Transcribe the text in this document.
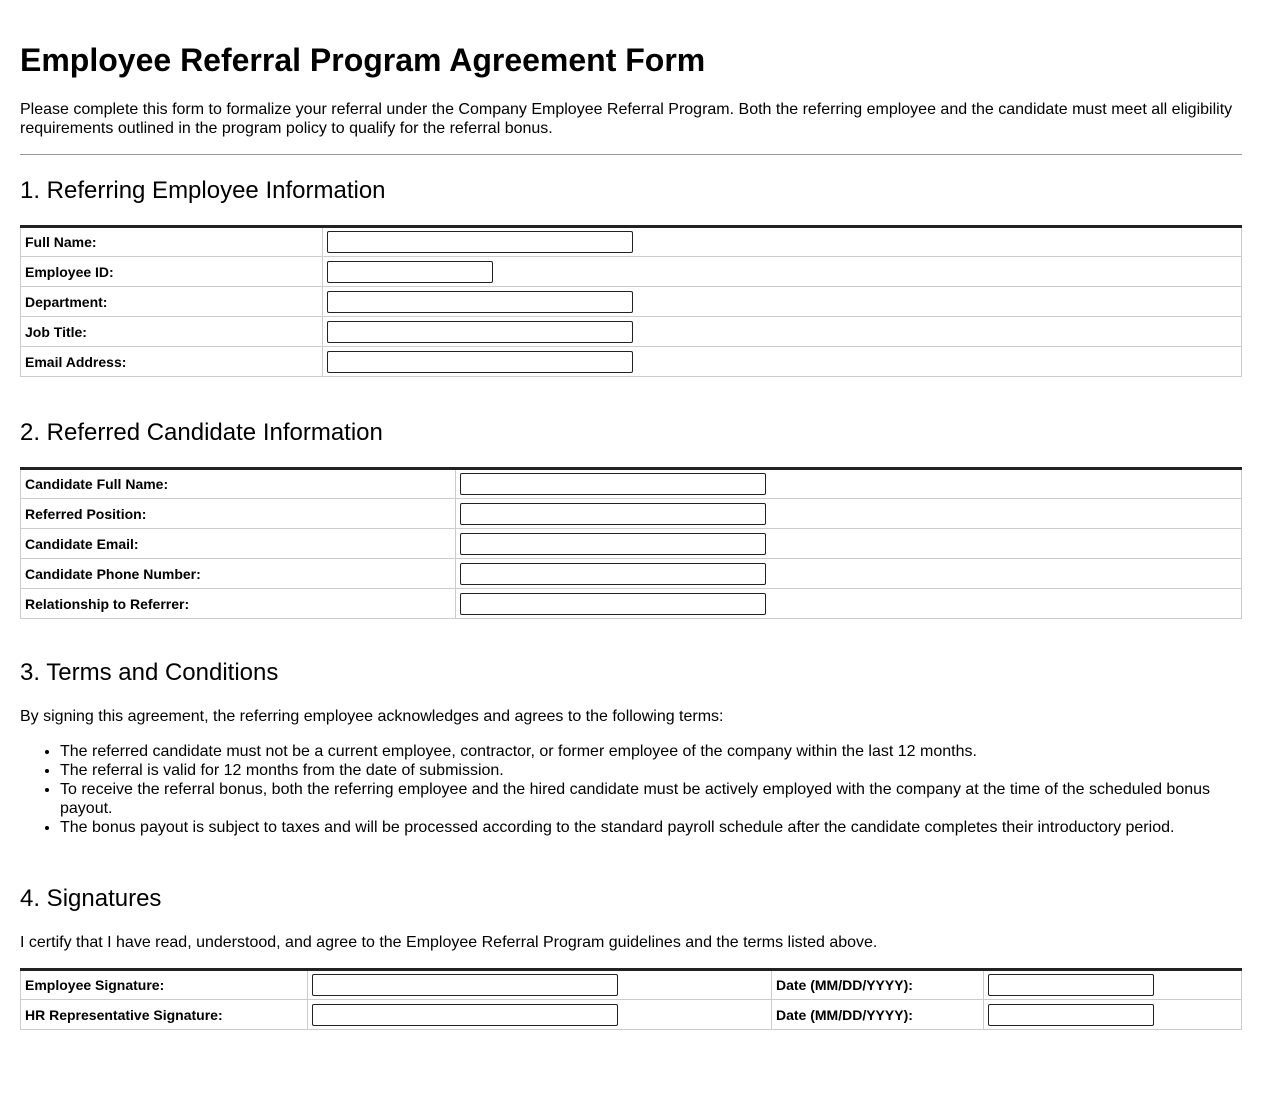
Employee Referral Program Agreement Form

Please complete this form to formalize your referral under the Company Employee Referral Program. Both the referring employee and the candidate must meet all eligibility requirements outlined in the program policy to qualify for the referral bonus.

1. Referring Employee Information
Full Name:	

Employee ID:	

Department:	

Job Title:	

Email Address:	
2. Referred Candidate Information
Candidate Full Name:	

Referred Position:	

Candidate Email:	

Candidate Phone Number:	

Relationship to Referrer:	
3. Terms and Conditions

By signing this agreement, the referring employee acknowledges and agrees to the following terms:

• The referred candidate must not be a current employee, contractor, or former employee of the company within the last 12 months.
• The referral is valid for 12 months from the date of submission.
• To receive the referral bonus, both the referring employee and the hired candidate must be actively employed with the company at the time of the scheduled bonus payout.
• The bonus payout is subject to taxes and will be processed according to the standard payroll schedule after the candidate completes their introductory period.
4. Signatures

I certify that I have read, understood, and agree to the Employee Referral Program guidelines and the terms listed above.

Employee Signature:		Date (MM/DD/YYYY):	

HR Representative Signature:		Date (MM/DD/YYYY):	
